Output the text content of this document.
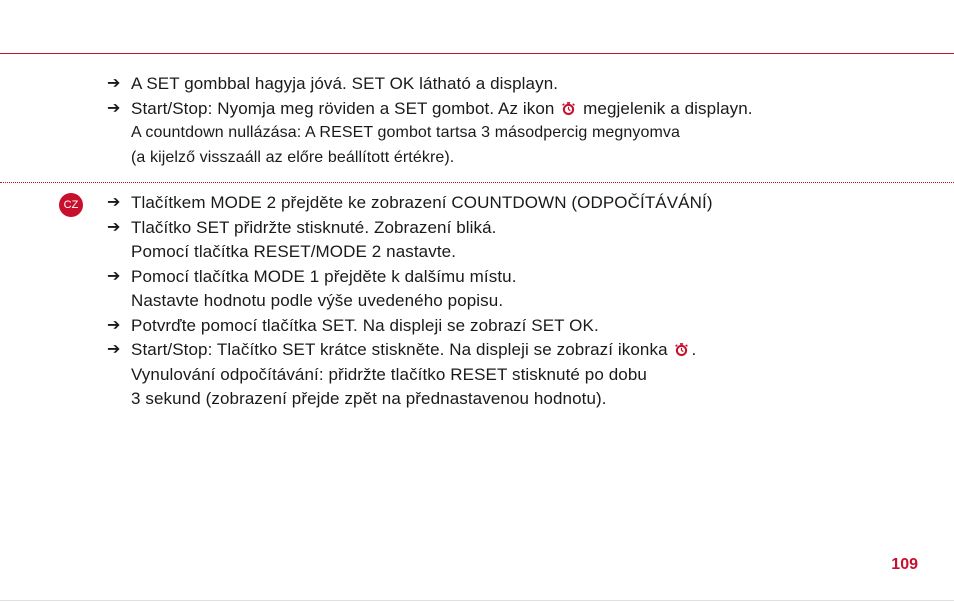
➔ A SET gombbal hagyja jóvá. SET OK látható a displayn.
➔ Start/Stop: Nyomja meg röviden a SET gombot. Az ikon megjelenik a displayn.
A countdown nullázása: A RESET gombot tartsa 3 másodpercig megnyomva
(a kijelző visszaáll az előre beállított értékre).
CZ ➔ Tlačítkem MODE 2 přejděte ke zobrazení COUNTDOWN (ODPOČÍTÁVÁNÍ)
➔ Tlačítko SET přidržte stisknuté. Zobrazení bliká.
Pomocí tlačítka RESET/MODE 2 nastavte.
➔ Pomocí tlačítka MODE 1 přejděte k dalšímu místu.
Nastavte hodnotu podle výše uvedeného popisu.
➔ Potvrďte pomocí tlačítka SET. Na displeji se zobrazí SET OK.
➔ Start/Stop: Tlačítko SET krátce stiskněte. Na displeji se zobrazí ikonka .
Vynulování odpočítávání: přidržte tlačítko RESET stisknuté po dobu
3 sekund (zobrazení přejde zpět na přednastavenou hodnotu).
109
